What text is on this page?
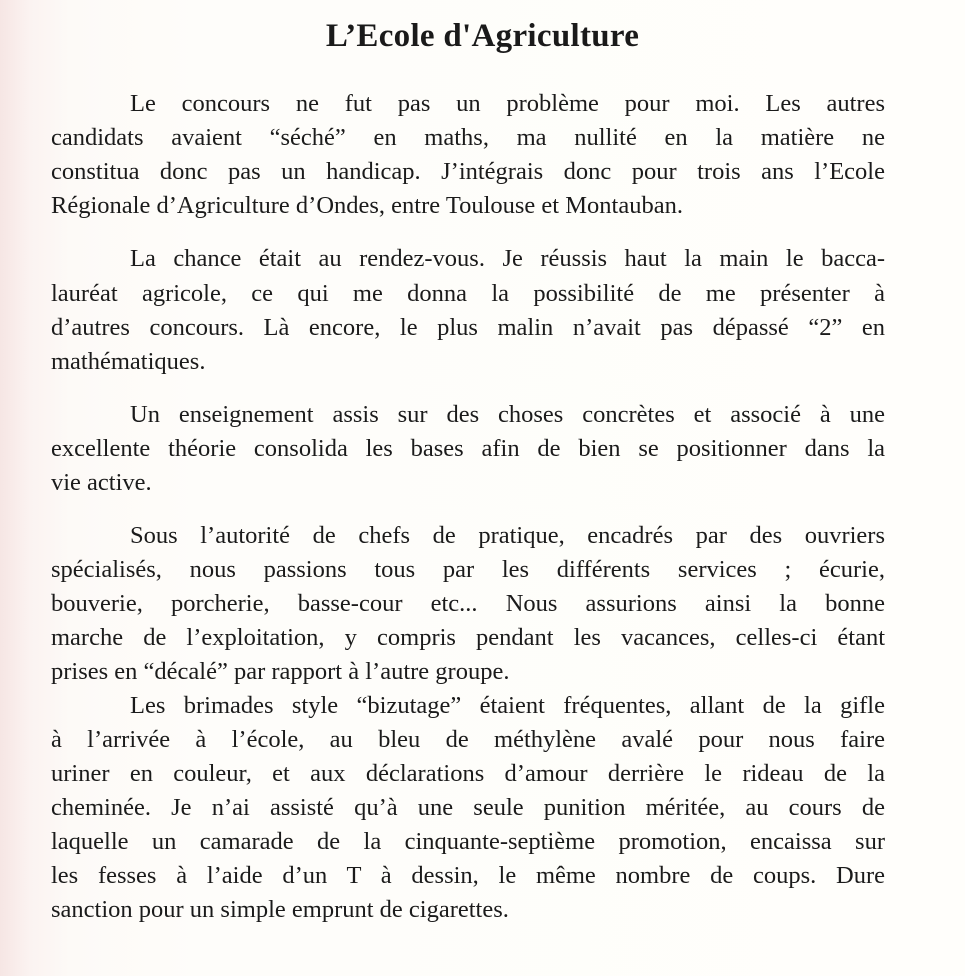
L’Ecole d'Agriculture
Le concours ne fut pas un problème pour moi. Les autres
candidats avaient “séché” en maths, ma nullité en la matière ne
constitua donc pas un handicap. J’intégrais donc pour trois ans l’Ecole
Régionale d’Agriculture d’Ondes, entre Toulouse et Montauban.
La chance était au rendez-vous. Je réussis haut la main le bacca-
lauréat agricole, ce qui me donna la possibilité de me présenter à
d’autres concours. Là encore, le plus malin n’avait pas dépassé “2” en
mathématiques.
Un enseignement assis sur des choses concrètes et associé à une
excellente théorie consolida les bases afin de bien se positionner dans la
vie active.
Sous l’autorité de chefs de pratique, encadrés par des ouvriers
spécialisés, nous passions tous par les différents services ; écurie,
bouverie, porcherie, basse-cour etc... Nous assurions ainsi la bonne
marche de l’exploitation, y compris pendant les vacances, celles-ci étant
prises en “décalé” par rapport à l’autre groupe.
Les brimades style “bizutage” étaient fréquentes, allant de la gifle
à l’arrivée à l’école, au bleu de méthylène avalé pour nous faire
uriner en couleur, et aux déclarations d’amour derrière le rideau de la
cheminée. Je n’ai assisté qu’à une seule punition méritée, au cours de
laquelle un camarade de la cinquante-septième promotion, encaissa sur
les fesses à l’aide d’un T à dessin, le même nombre de coups. Dure
sanction pour un simple emprunt de cigarettes.
